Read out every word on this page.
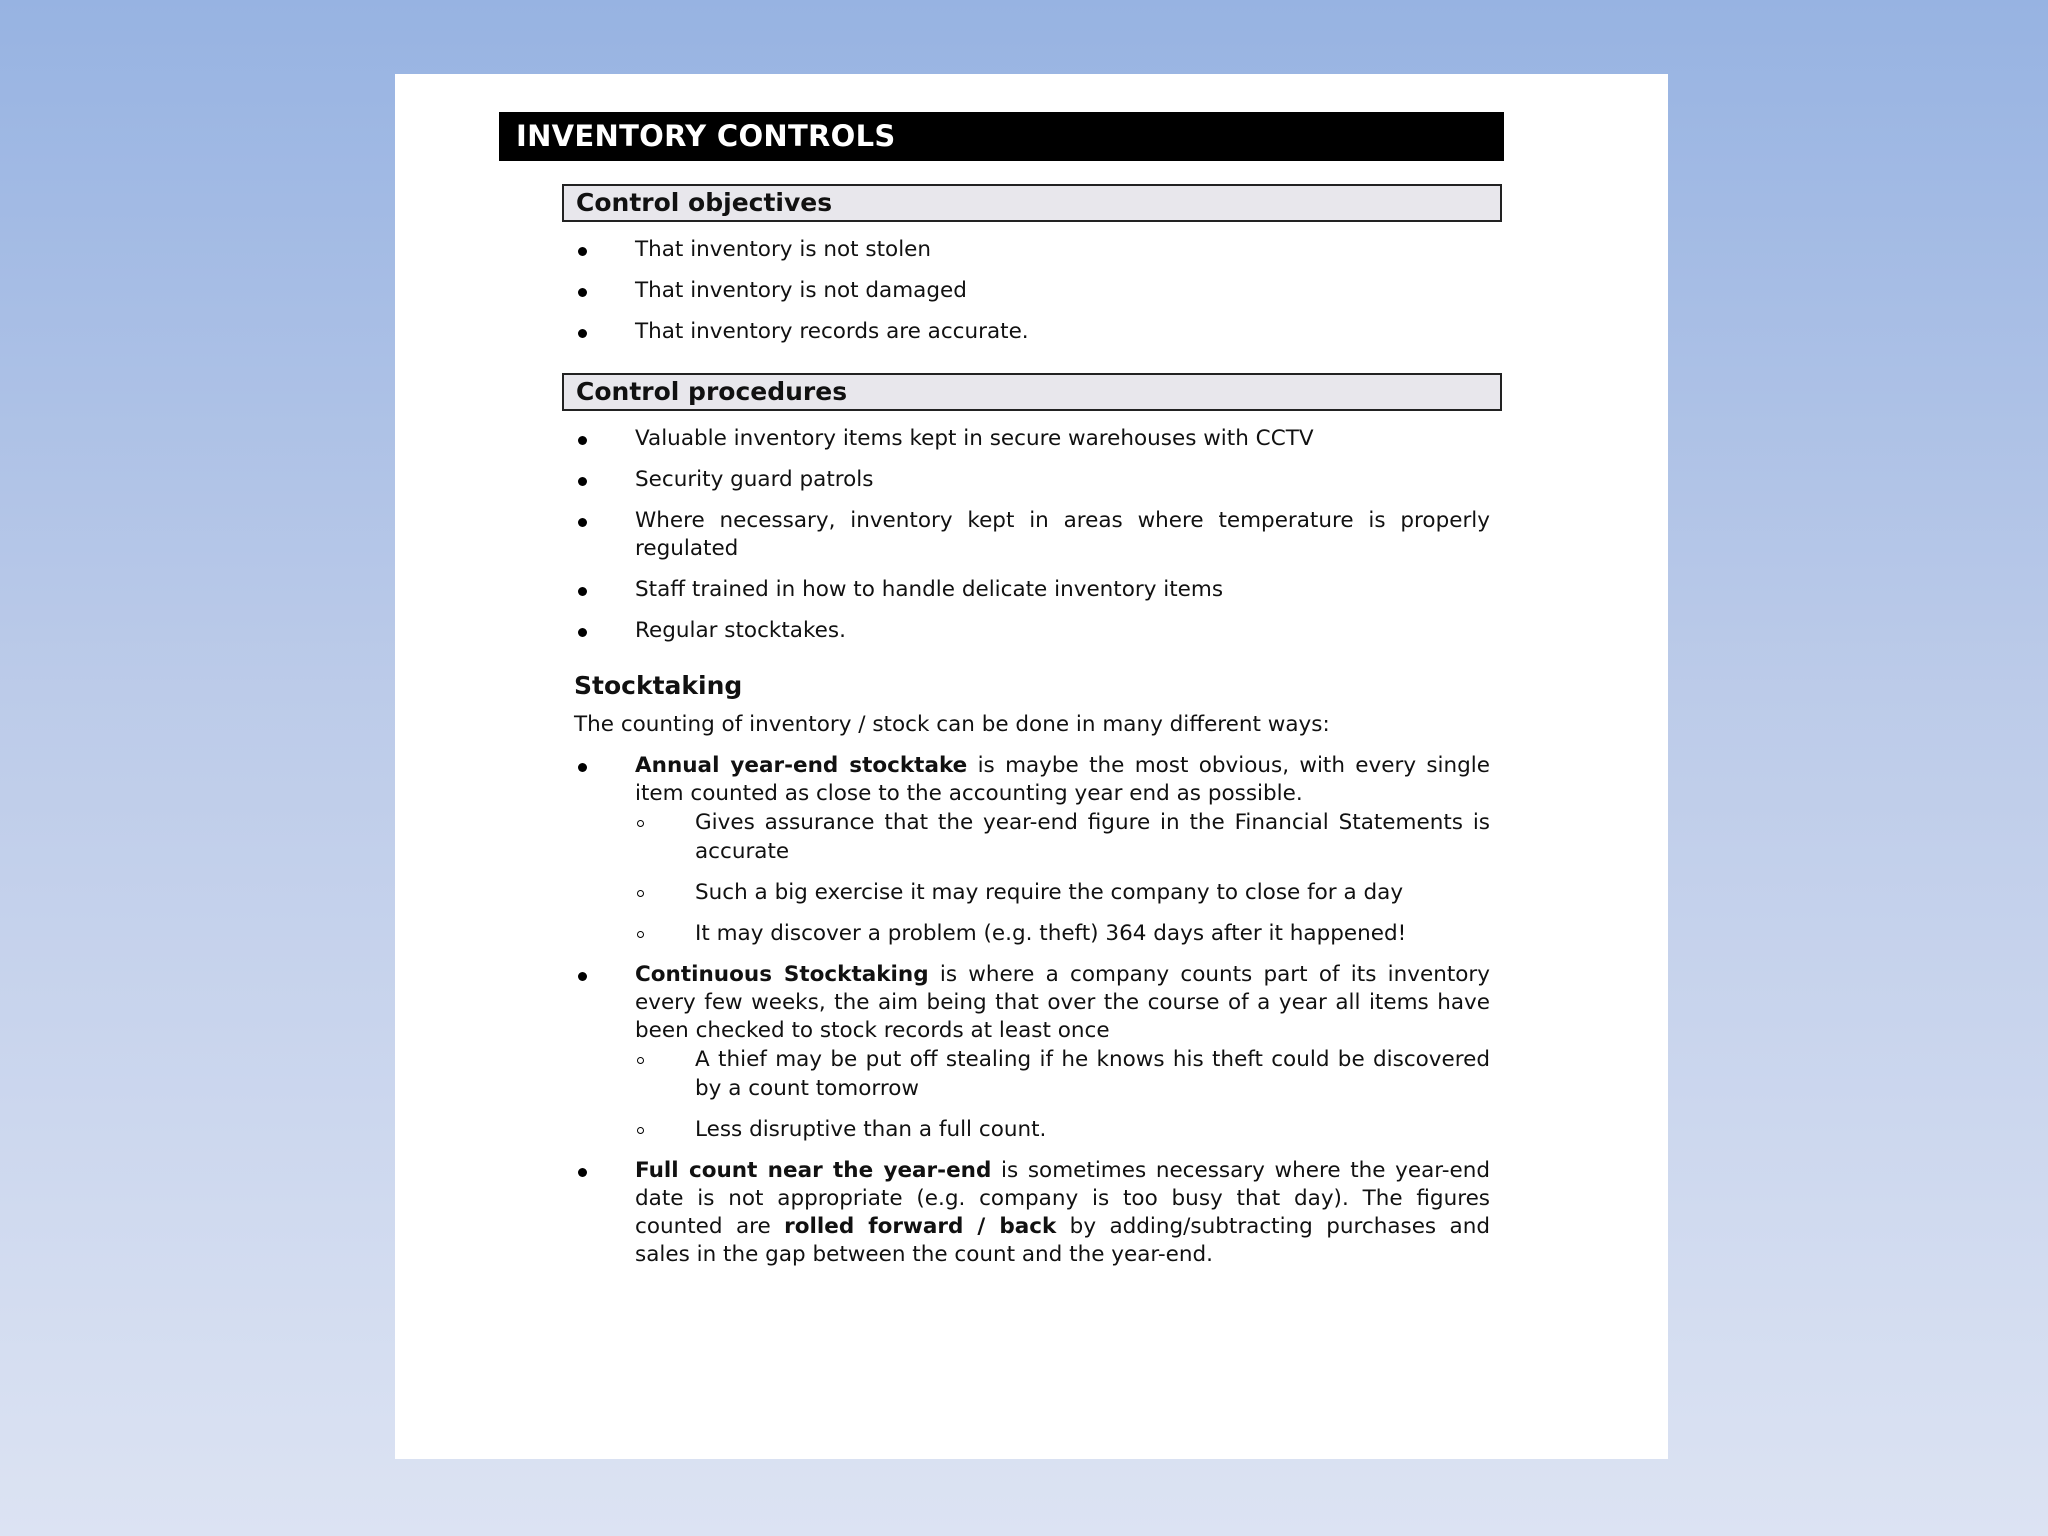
INVENTORY CONTROLS
Control objectives
That inventory is not stolen
That inventory is not damaged
That inventory records are accurate.
Control procedures
Valuable inventory items kept in secure warehouses with CCTV
Security guard patrols
Where necessary, inventory kept in areas where temperature is properly regulated
Staff trained in how to handle delicate inventory items
Regular stocktakes.
Stocktaking
The counting of inventory / stock can be done in many different ways:
Annual year-end stocktake is maybe the most obvious, with every single item counted as close to the accounting year end as possible.
Gives assurance that the year-end figure in the Financial Statements is accurate
Such a big exercise it may require the company to close for a day
It may discover a problem (e.g. theft) 364 days after it happened!
Continuous Stocktaking is where a company counts part of its inventory every few weeks, the aim being that over the course of a year all items have been checked to stock records at least once
A thief may be put off stealing if he knows his theft could be discovered by a count tomorrow
Less disruptive than a full count.
Full count near the year-end is sometimes necessary where the year-end date is not appropriate (e.g. company is too busy that day). The figures counted are rolled forward / back by adding/subtracting purchases and sales in the gap between the count and the year-end.
